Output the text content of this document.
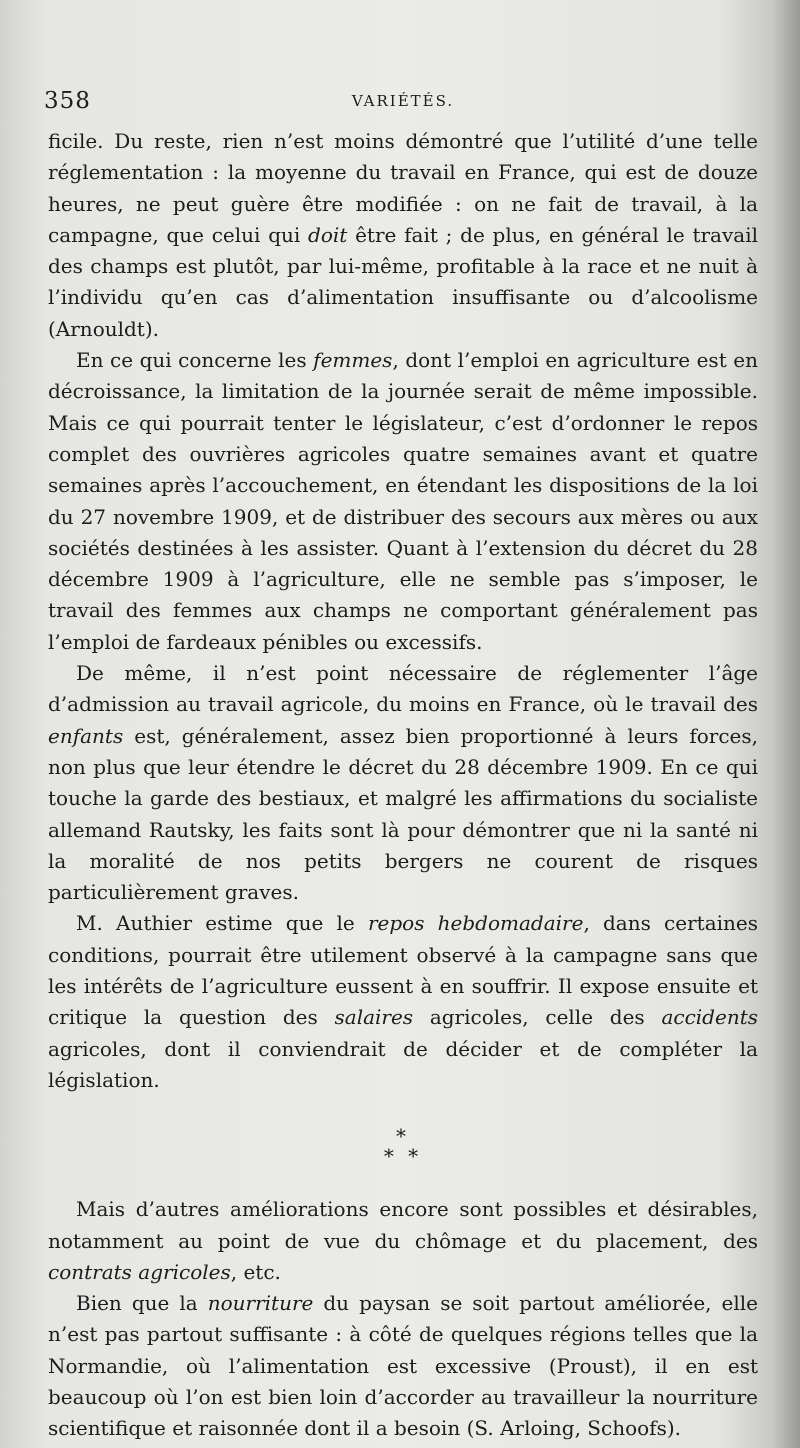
358	VARIÉTÉS.

ficile. Du reste, rien n’est moins démontré que l’utilité d’une telle réglementation : la moyenne du travail en France, qui est de douze heures, ne peut guère être modifiée : on ne fait de travail, à la campagne, que celui qui doit être fait ; de plus, en général le travail des champs est plutôt, par lui-même, profitable à la race et ne nuit à l’individu qu’en cas d’alimentation insuffisante ou d’alcoolisme (Arnouldt).

En ce qui concerne les femmes, dont l’emploi en agriculture est en décroissance, la limitation de la journée serait de même impossible. Mais ce qui pourrait tenter le législateur, c’est d’ordonner le repos complet des ouvrières agricoles quatre semaines avant et quatre semaines après l’accouchement, en étendant les dispositions de la loi du 27 novembre 1909, et de distribuer des secours aux mères ou aux sociétés destinées à les assister. Quant à l’extension du décret du 28 décembre 1909 à l’agriculture, elle ne semble pas s’imposer, le travail des femmes aux champs ne comportant généralement pas l’emploi de fardeaux pénibles ou excessifs.

De même, il n’est point nécessaire de réglementer l’âge d’admission au travail agricole, du moins en France, où le travail des enfants est, généralement, assez bien proportionné à leurs forces, non plus que leur étendre le décret du 28 décembre 1909. En ce qui touche la garde des bestiaux, et malgré les affirmations du socialiste allemand Rautsky, les faits sont là pour démontrer que ni la santé ni la moralité de nos petits bergers ne courent de risques particulièrement graves.

M. Authier estime que le repos hebdomadaire, dans certaines conditions, pourrait être utilement observé à la campagne sans que les intérêts de l’agriculture eussent à en souffrir. Il expose ensuite et critique la question des salaires agricoles, celle des accidents agricoles, dont il conviendrait de décider et de compléter la législation.

*
* *

Mais d’autres améliorations encore sont possibles et désirables, notamment au point de vue du chômage et du placement, des contrats agricoles, etc.

Bien que la nourriture du paysan se soit partout améliorée, elle n’est pas partout suffisante : à côté de quelques régions telles que la Normandie, où l’alimentation est excessive (Proust), il en est beaucoup où l’on est bien loin d’accorder au travailleur la nourriture scientifique et raisonnée dont il a besoin (S. Arloing, Schoofs).
